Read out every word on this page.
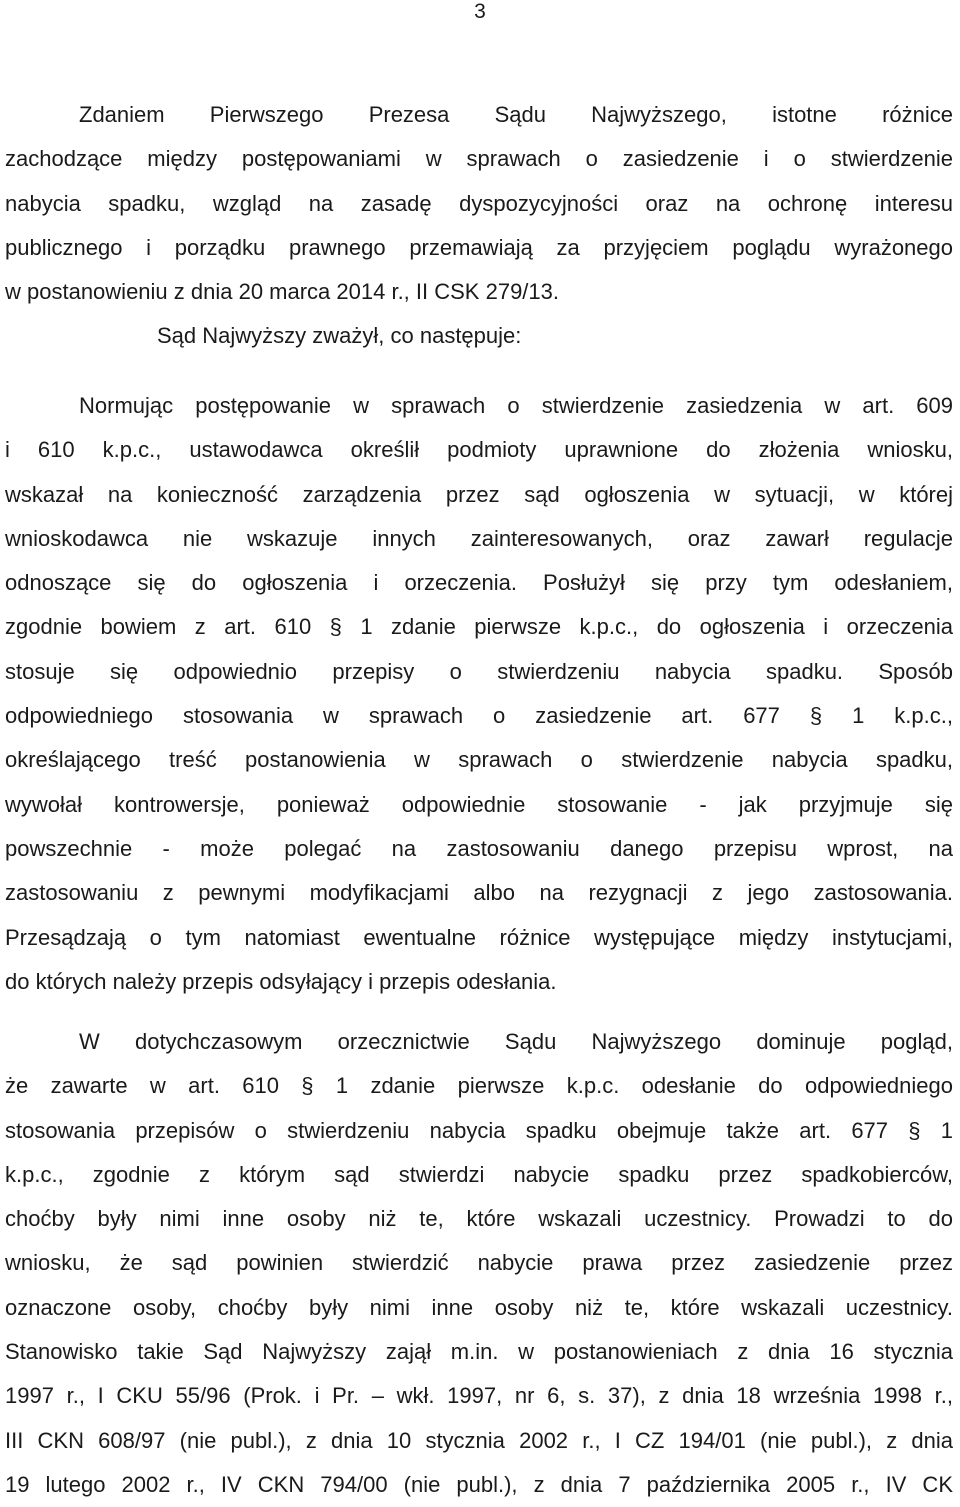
3
Zdaniem Pierwszego Prezesa Sądu Najwyższego, istotne różnice
zachodzące między postępowaniami w sprawach o zasiedzenie i o stwierdzenie
nabycia spadku, wzgląd na zasadę dyspozycyjności oraz na ochronę interesu
publicznego i porządku prawnego przemawiają za przyjęciem poglądu wyrażonego
w postanowieniu z dnia 20 marca 2014 r., II CSK 279/13.
Sąd Najwyższy zważył, co następuje:
Normując postępowanie w sprawach o stwierdzenie zasiedzenia w art. 609
i 610 k.p.c., ustawodawca określił podmioty uprawnione do złożenia wniosku,
wskazał na konieczność zarządzenia przez sąd ogłoszenia w sytuacji, w której
wnioskodawca nie wskazuje innych zainteresowanych, oraz zawarł regulacje
odnoszące się do ogłoszenia i orzeczenia. Posłużył się przy tym odesłaniem,
zgodnie bowiem z art. 610 § 1 zdanie pierwsze k.p.c., do ogłoszenia i orzeczenia
stosuje się odpowiednio przepisy o stwierdzeniu nabycia spadku. Sposób
odpowiedniego stosowania w sprawach o zasiedzenie art. 677 § 1 k.p.c.,
określającego treść postanowienia w sprawach o stwierdzenie nabycia spadku,
wywołał kontrowersje, ponieważ odpowiednie stosowanie - jak przyjmuje się
powszechnie - może polegać na zastosowaniu danego przepisu wprost, na
zastosowaniu z pewnymi modyfikacjami albo na rezygnacji z jego zastosowania.
Przesądzają o tym natomiast ewentualne różnice występujące między instytucjami,
do których należy przepis odsyłający i przepis odesłania.
W dotychczasowym orzecznictwie Sądu Najwyższego dominuje pogląd,
że zawarte w art. 610 § 1 zdanie pierwsze k.p.c. odesłanie do odpowiedniego
stosowania przepisów o stwierdzeniu nabycia spadku obejmuje także art. 677 § 1
k.p.c., zgodnie z którym sąd stwierdzi nabycie spadku przez spadkobierców,
choćby były nimi inne osoby niż te, które wskazali uczestnicy. Prowadzi to do
wniosku, że sąd powinien stwierdzić nabycie prawa przez zasiedzenie przez
oznaczone osoby, choćby były nimi inne osoby niż te, które wskazali uczestnicy.
Stanowisko takie Sąd Najwyższy zajął m.in. w postanowieniach z dnia 16 stycznia
1997 r., I CKU 55/96 (Prok. i Pr. – wkł. 1997, nr 6, s. 37), z dnia 18 września 1998 r.,
III CKN 608/97 (nie publ.), z dnia 10 stycznia 2002 r., I CZ 194/01 (nie publ.), z dnia
19 lutego 2002 r., IV CKN 794/00 (nie publ.), z dnia 7 października 2005 r., IV CK
